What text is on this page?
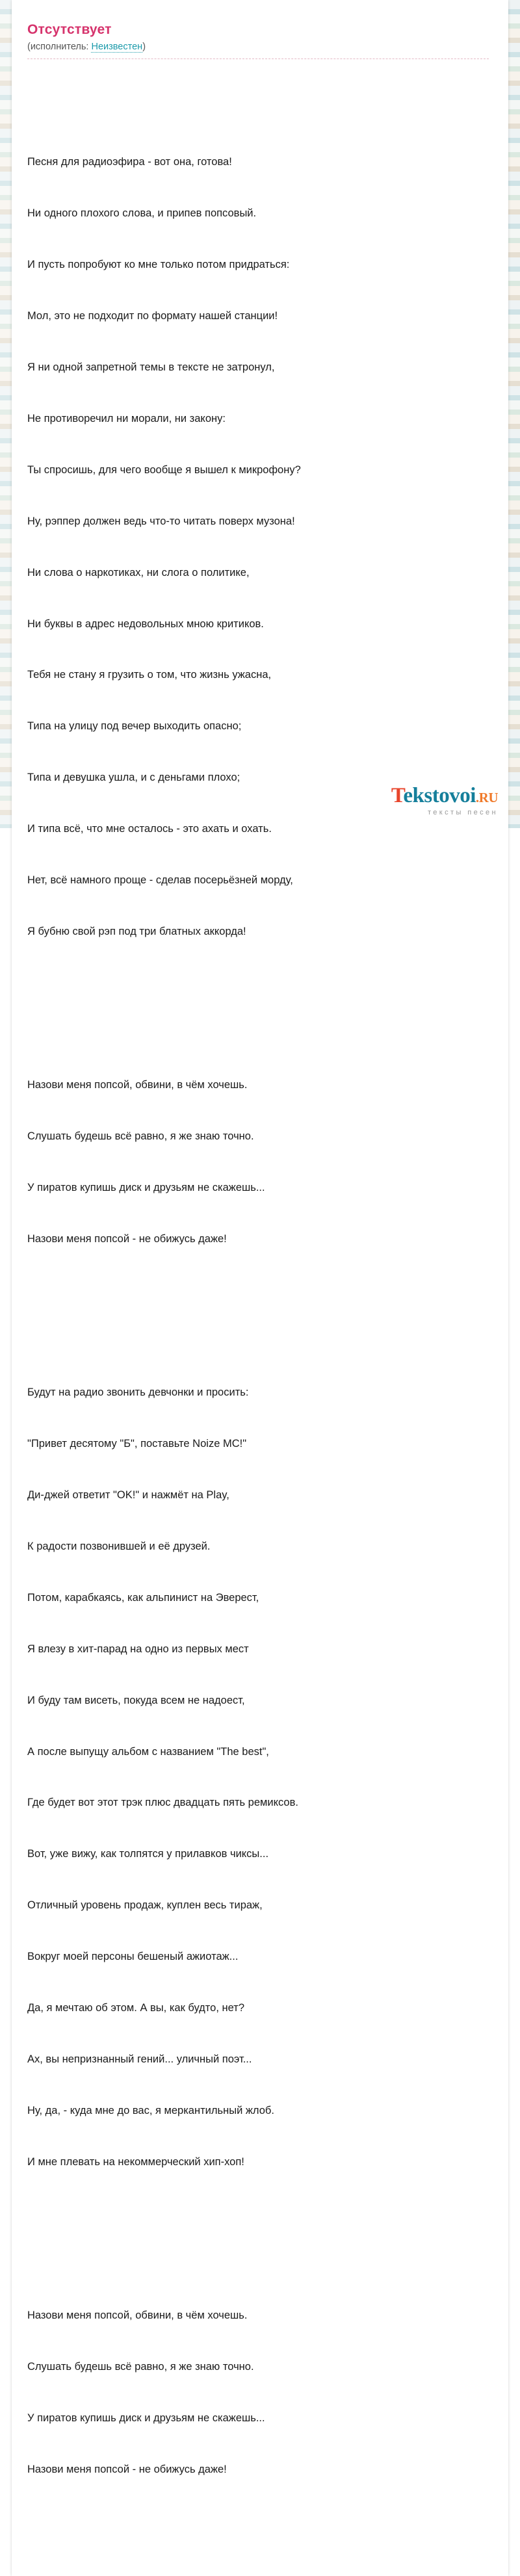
Отсутствует
(исполнитель: Неизвестен)

Песня для радиоэфира - вот она, готова!

Ни одного плохого слова, и припев попсовый.

И пусть попробуют ко мне только потом придраться:

Мол, это не подходит по формату нашей станции!

Я ни одной запретной темы в тексте не затронул,

Не противоречил ни морали, ни закону:

Ты спросишь, для чего вообще я вышел к микрофону?

Ну, рэппер должен ведь что-то читать поверх музона!

Ни слова о наркотиках, ни слога о политике,

Ни буквы в адрес недовольных мною критиков.

Тебя не стану я грузить о том, что жизнь ужасна,

Типа на улицу под вечер выходить опасно;

Типа и девушка ушла, и с деньгами плохо;

И типа всё, что мне осталось - это ахать и охать.

Нет, всё намного проще - сделав посерьёзней морду,

Я бубню свой рэп под три блатных аккорда!

Назови меня попсой, обвини, в чём хочешь.

Слушать будешь всё равно, я же знаю точно.

У пиратов купишь диск и друзьям не скажешь...

Назови меня попсой - не обижусь даже!

Будут на радио звонить девчонки и просить:

"Привет десятому "Б", поставьте Noize MC!"

Ди-джей ответит "OK!" и нажмёт на Play,

К радости позвонившей и её друзей.

Потом, карабкаясь, как альпинист на Эверест,

Я влезу в хит-парад на одно из первых мест

И буду там висеть, покуда всем не надоест,

А после выпущу альбом с названием "The best",

Где будет вот этот трэк плюс двадцать пять ремиксов.

Вот, уже вижу, как толпятся у прилавков чиксы...

Отличный уровень продаж, куплен весь тираж,

Вокруг моей персоны бешеный ажиотаж...

Да, я мечтаю об этом. А вы, как будто, нет?

Ах, вы непризнанный гений... уличный поэт...

Ну, да, - куда мне до вас, я меркантильный жлоб.

И мне плевать на некоммерческий хип-хоп!

Назови меня попсой, обвини, в чём хочешь.

Слушать будешь всё равно, я же знаю точно.

У пиратов купишь диск и друзьям не скажешь...

Назови меня попсой - не обижусь даже!

Tekstovoi.RU
тексты песен
